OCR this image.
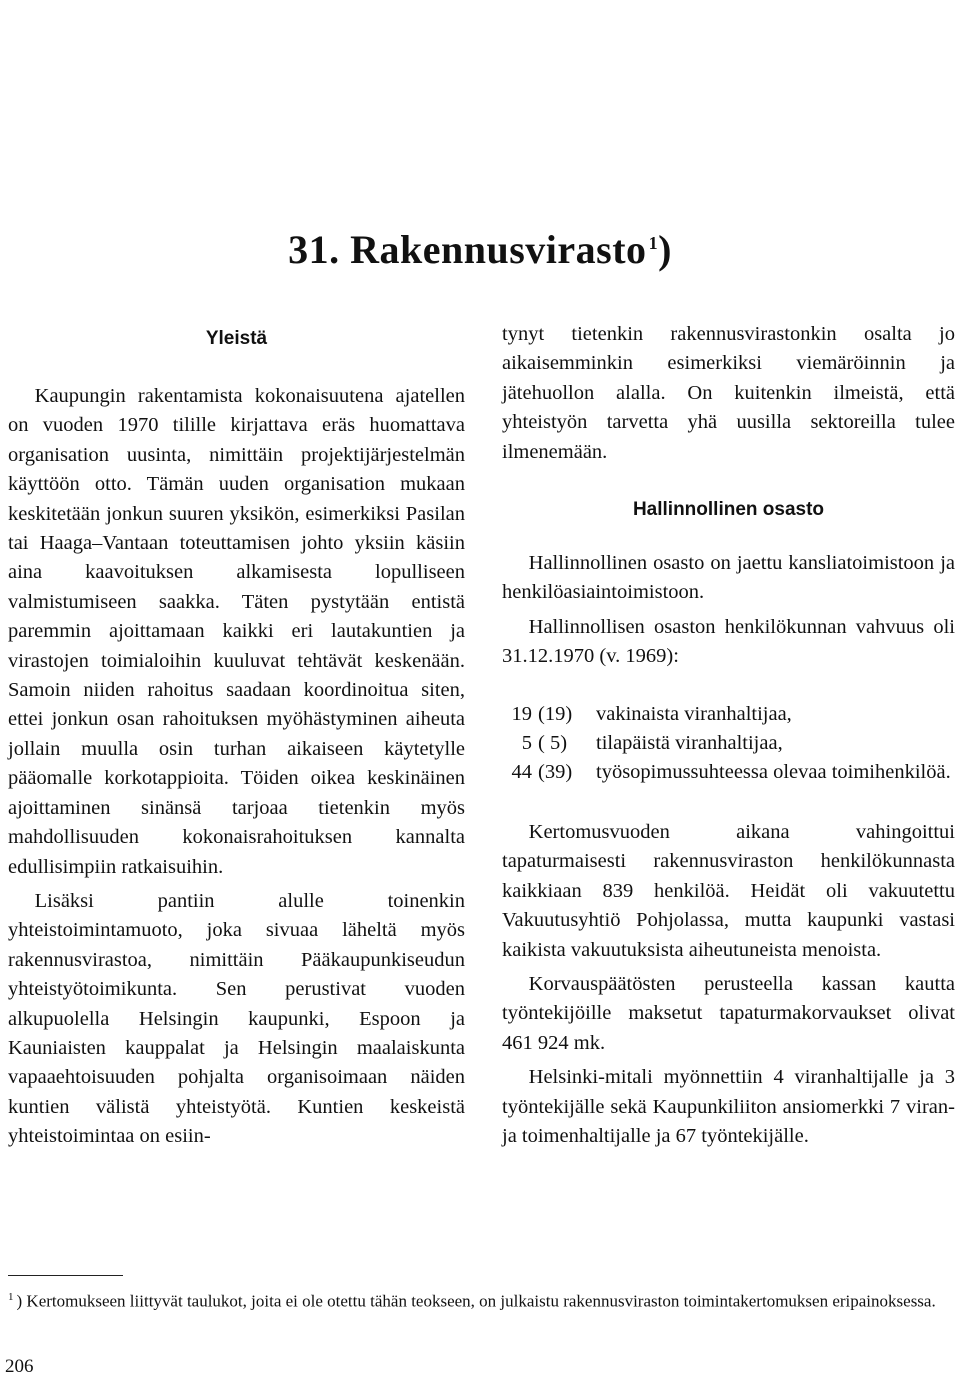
31. Rakennusvirasto $^1$)
Yleistä

Kaupungin rakentamista kokonaisuutena ajatellen on vuoden 1970 tilille kirjattava eräs huomattava organisation uusinta, nimittäin projektijärjestelmän käyttöön otto. Tämän uuden organisation mukaan keskitetään jonkun suuren yksikön, esimerkiksi Pasilan tai Haaga–Vantaan toteuttamisen johto yksiin käsiin aina kaavoituksen alkamisesta lopulliseen valmistumiseen saakka. Täten pystytään entistä paremmin ajoittamaan kaikki eri lautakuntien ja virastojen toimialoihin kuuluvat tehtävät keskenään. Samoin niiden rahoitus saadaan koordinoitua siten, ettei jonkun osan rahoituksen myöhästyminen aiheuta jollain muulla osin turhan aikaiseen käytetylle pääomalle korkotappioita. Töiden oikea keskinäinen ajoittaminen sinänsä tarjoaa tietenkin myös mahdollisuuden kokonaisrahoituksen kannalta edullisimpiin ratkaisuihin.

Lisäksi pantiin alulle toinenkin yhteistoimintamuoto, joka sivuaa läheltä myös rakennusvirastoa, nimittäin Pääkaupunkiseudun yhteistyötoimikunta. Sen perustivat vuoden alkupuolella Helsingin kaupunki, Espoon ja Kauniaisten kauppalat ja Helsingin maalaiskunta vapaaehtoisuuden pohjalta organisoimaan näiden kuntien välistä yhteistyötä. Kuntien keskeistä yhteistoimintaa on esiin-

tynyt tietenkin rakennusvirastonkin osalta jo aikaisemminkin esimerkiksi viemäröinnin ja jätehuollon alalla. On kuitenkin ilmeistä, että yhteistyön tarvetta yhä uusilla sektoreilla tulee ilmenemään.

Hallinnollinen osasto

Hallinnollinen osasto on jaettu kansliatoimistoon ja henkilöasiaintoimistoon.

Hallinnollisen osaston henkilökunnan vahvuus oli 31.12.1970 (v. 1969):

19 (19)	vakinaista viranhaltijaa,
5 ( 5)	tilapäistä viranhaltijaa,
44 (39)	työsopimussuhteessa olevaa toimihenkilöä.

Kertomusvuoden aikana vahingoittui tapaturmaisesti rakennusviraston henkilökunnasta kaikkiaan 839 henkilöä. Heidät oli vakuutettu Vakuutusyhtiö Pohjolassa, mutta kaupunki vastasi kaikista vakuutuksista aiheutuneista menoista.

Korvauspäätösten perusteella kassan kautta työntekijöille maksetut tapaturmakorvaukset olivat 461 924 mk.

Helsinki-mitali myönnettiin 4 viranhaltijalle ja 3 työntekijälle sekä Kaupunkiliiton ansiomerkki 7 viran- ja toimenhaltijalle ja 67 työntekijälle.

$^1$ ) Kertomukseen liittyvät taulukot, joita ei ole otettu tähän teokseen, on julkaistu rakennusviraston toimintakertomuksen eripainoksessa.
206
